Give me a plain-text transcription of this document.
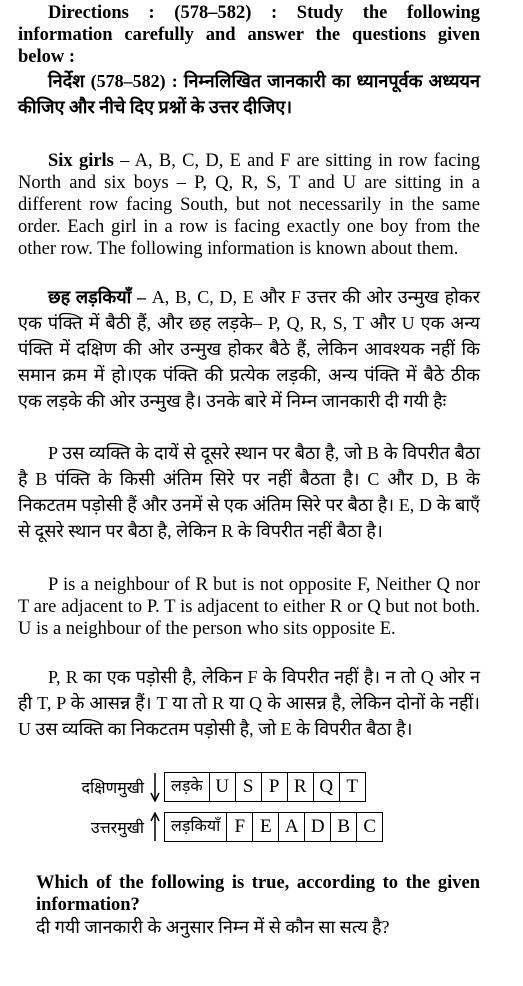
Directions : (578–582) : Study the following information carefully and answer the questions given below :

निर्देश (578–582) : निम्नलिखित जानकारी का ध्यानपूर्वक अध्ययन कीजिए और नीचे दिए प्रश्नों के उत्तर दीजिए।

Six girls – A, B, C, D, E and F are sitting in row facing North and six boys – P, Q, R, S, T and U are sitting in a different row facing South, but not necessarily in the same order. Each girl in a row is facing exactly one boy from the other row. The following information is known about them.

छह लड़कियाँ – A, B, C, D, E और F उत्तर की ओर उन्मुख होकर एक पंक्ति में बैठी हैं, और छह लड़के– P, Q, R, S, T और U एक अन्य पंक्ति में दक्षिण की ओर उन्मुख होकर बैठे हैं, लेकिन आवश्यक नहीं कि समान क्रम में हो।एक पंक्ति की प्रत्येक लड़की, अन्य पंक्ति में बैठे ठीक एक लड़के की ओर उन्मुख है। उनके बारे में निम्न जानकारी दी गयी हैः

P उस व्यक्ति के दायें से दूसरे स्थान पर बैठा है, जो B के विपरीत बैठा है B पंक्ति के किसी अंतिम सिरे पर नहीं बैठता है। C और D, B के निकटतम पड़ोसी हैं और उनमें से एक अंतिम सिरे पर बैठा है। E, D के बाएँ से दूसरे स्थान पर बैठा है, लेकिन R के विपरीत नहीं बैठा है।

P is a neighbour of R but is not opposite F, Neither Q nor T are adjacent to P. T is adjacent to either R or Q but not both. U is a neighbour of the person who sits opposite E.

P, R का एक पड़ोसी है, लेकिन F के विपरीत नहीं है। न तो Q ओर न ही T, P के आसन्न हैं। T या तो R या Q के आसन्न है, लेकिन दोनों के नहीं। U उस व्यक्ति का निकटतम पड़ोसी है, जो E के विपरीत बैठा है।

दक्षिणमुखी	लड़के U S P R Q T
उत्तरमुखी	लड़कियाँ F E A D B C

Which of the following is true, according to the given information?

दी गयी जानकारी के अनुसार निम्न में से कौन सा सत्य है?
